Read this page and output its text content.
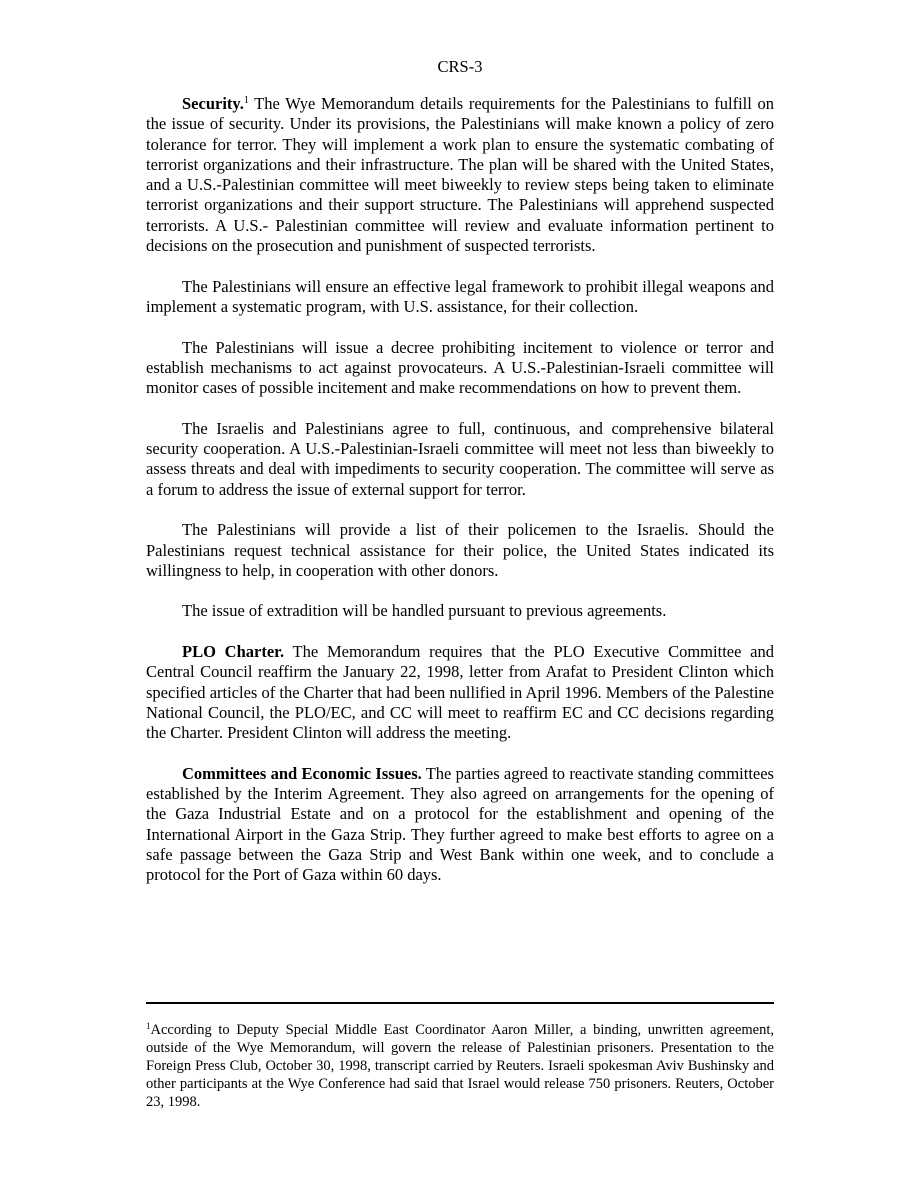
CRS-3

Security.$^1$ The Wye Memorandum details requirements for the Palestinians to fulfill on the issue of security. Under its provisions, the Palestinians will make known a policy of zero tolerance for terror. They will implement a work plan to ensure the systematic combating of terrorist organizations and their infrastructure. The plan will be shared with the United States, and a U.S.-Palestinian committee will meet biweekly to review steps being taken to eliminate terrorist organizations and their support structure. The Palestinians will apprehend suspected terrorists. A U.S.- Palestinian committee will review and evaluate information pertinent to decisions on the prosecution and punishment of suspected terrorists.

The Palestinians will ensure an effective legal framework to prohibit illegal weapons and implement a systematic program, with U.S. assistance, for their collection.

The Palestinians will issue a decree prohibiting incitement to violence or terror and establish mechanisms to act against provocateurs. A U.S.-Palestinian-Israeli committee will monitor cases of possible incitement and make recommendations on how to prevent them.

The Israelis and Palestinians agree to full, continuous, and comprehensive bilateral security cooperation. A U.S.-Palestinian-Israeli committee will meet not less than biweekly to assess threats and deal with impediments to security cooperation. The committee will serve as a forum to address the issue of external support for terror.

The Palestinians will provide a list of their policemen to the Israelis. Should the Palestinians request technical assistance for their police, the United States indicated its willingness to help, in cooperation with other donors.

The issue of extradition will be handled pursuant to previous agreements.

PLO Charter. The Memorandum requires that the PLO Executive Committee and Central Council reaffirm the January 22, 1998, letter from Arafat to President Clinton which specified articles of the Charter that had been nullified in April 1996. Members of the Palestine National Council, the PLO/EC, and CC will meet to reaffirm EC and CC decisions regarding the Charter. President Clinton will address the meeting.

Committees and Economic Issues. The parties agreed to reactivate standing committees established by the Interim Agreement. They also agreed on arrangements for the opening of the Gaza Industrial Estate and on a protocol for the establishment and opening of the International Airport in the Gaza Strip. They further agreed to make best efforts to agree on a safe passage between the Gaza Strip and West Bank within one week, and to conclude a protocol for the Port of Gaza within 60 days.

$^1$According to Deputy Special Middle East Coordinator Aaron Miller, a binding, unwritten agreement, outside of the Wye Memorandum, will govern the release of Palestinian prisoners. Presentation to the Foreign Press Club, October 30, 1998, transcript carried by Reuters. Israeli spokesman Aviv Bushinsky and other participants at the Wye Conference had said that Israel would release 750 prisoners. Reuters, October 23, 1998.
